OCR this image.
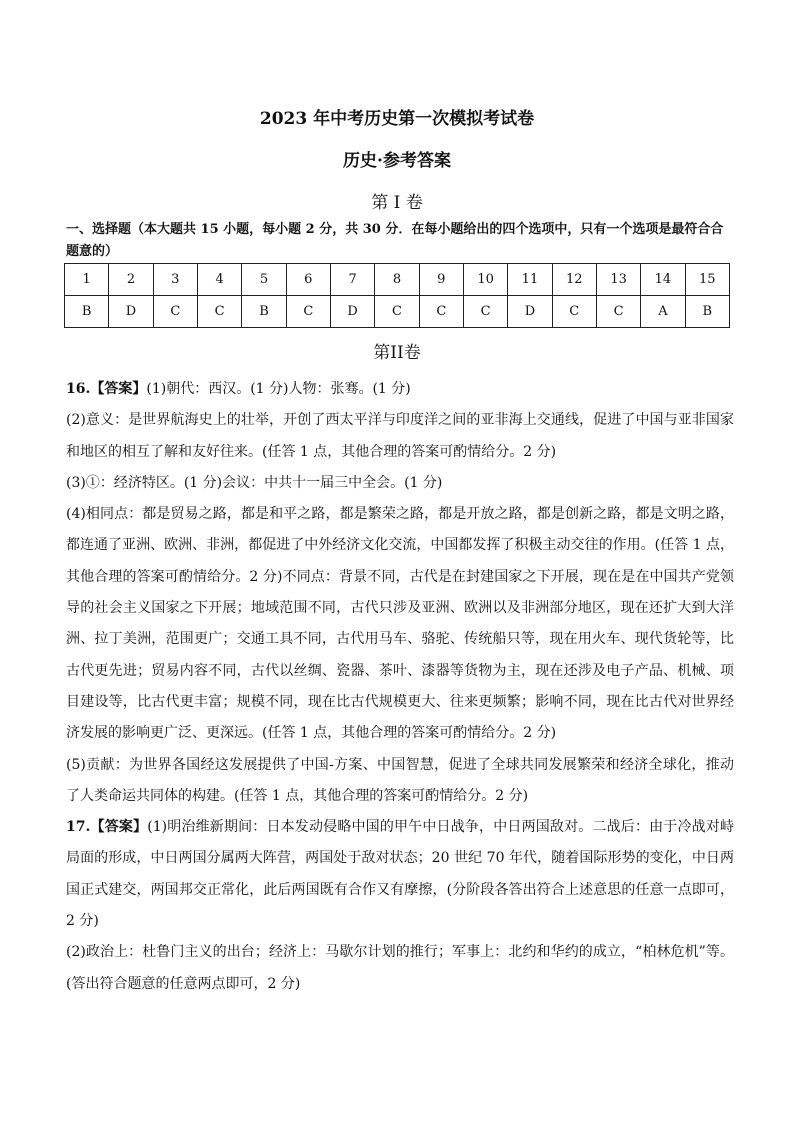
2023 年中考历史第一次模拟考试卷
历史·参考答案
第 I 卷
一、选择题（本大题共 15 小题，每小题 2 分，共 30 分．在每小题给出的四个选项中，只有一个选项是最符合合题意的）
1	2	3	4	5	6	7	8	9	10	11	12	13	14	15
B	D	C	C	B	C	D	C	C	C	D	C	C	A	B
第II卷

16.【答案】(1)朝代：西汉。(1 分)人物：张骞。(1 分)

(2)意义：是世界航海史上的壮举，开创了西太平洋与印度洋之间的亚非海上交通线，促进了中国与亚非国家和地区的相互了解和友好往来。(任答 1 点，其他合理的答案可酌情给分。2 分)

(3)①：经济特区。(1 分)会议：中共十一届三中全会。(1 分)

(4)相同点：都是贸易之路，都是和平之路，都是繁荣之路，都是开放之路，都是创新之路，都是文明之路，都连通了亚洲、欧洲、非洲，都促进了中外经济文化交流，中国都发挥了积极主动交往的作用。(任答 1 点，其他合理的答案可酌情给分。2 分)不同点：背景不同，古代是在封建国家之下开展，现在是在中国共产党领导的社会主义国家之下开展；地域范围不同，古代只涉及亚洲、欧洲以及非洲部分地区，现在还扩大到大洋洲、拉丁美洲，范围更广；交通工具不同，古代用马车、骆驼、传统船只等，现在用火车、现代货轮等，比古代更先进；贸易内容不同，古代以丝绸、瓷器、茶叶、漆器等货物为主，现在还涉及电子产品、机械、项目建设等，比古代更丰富；规模不同，现在比古代规模更大、往来更频繁；影响不同，现在比古代对世界经济发展的影响更广泛、更深远。(任答 1 点，其他合理的答案可酌情给分。2 分)

(5)贡献：为世界各国经这发展提供了中国-方案、中国智慧，促进了全球共同发展繁荣和经济全球化，推动了人类命运共同体的构建。(任答 1 点，其他合理的答案可酌情给分。2 分)

17.【答案】(1)明治维新期间：日本发动侵略中国的甲午中日战争，中日两国敌对。二战后：由于冷战对峙局面的形成，中日两国分属两大阵营，两国处于敌对状态；20 世纪 70 年代，随着国际形势的变化，中日两国正式建交，两国邦交正常化，此后两国既有合作又有摩擦，(分阶段各答出符合上述意思的任意一点即可，2 分)

(2)政治上：杜鲁门主义的出台；经济上：马歇尔计划的推行；军事上：北约和华约的成立，“柏林危机”等。(答出符合题意的任意两点即可，2 分)
